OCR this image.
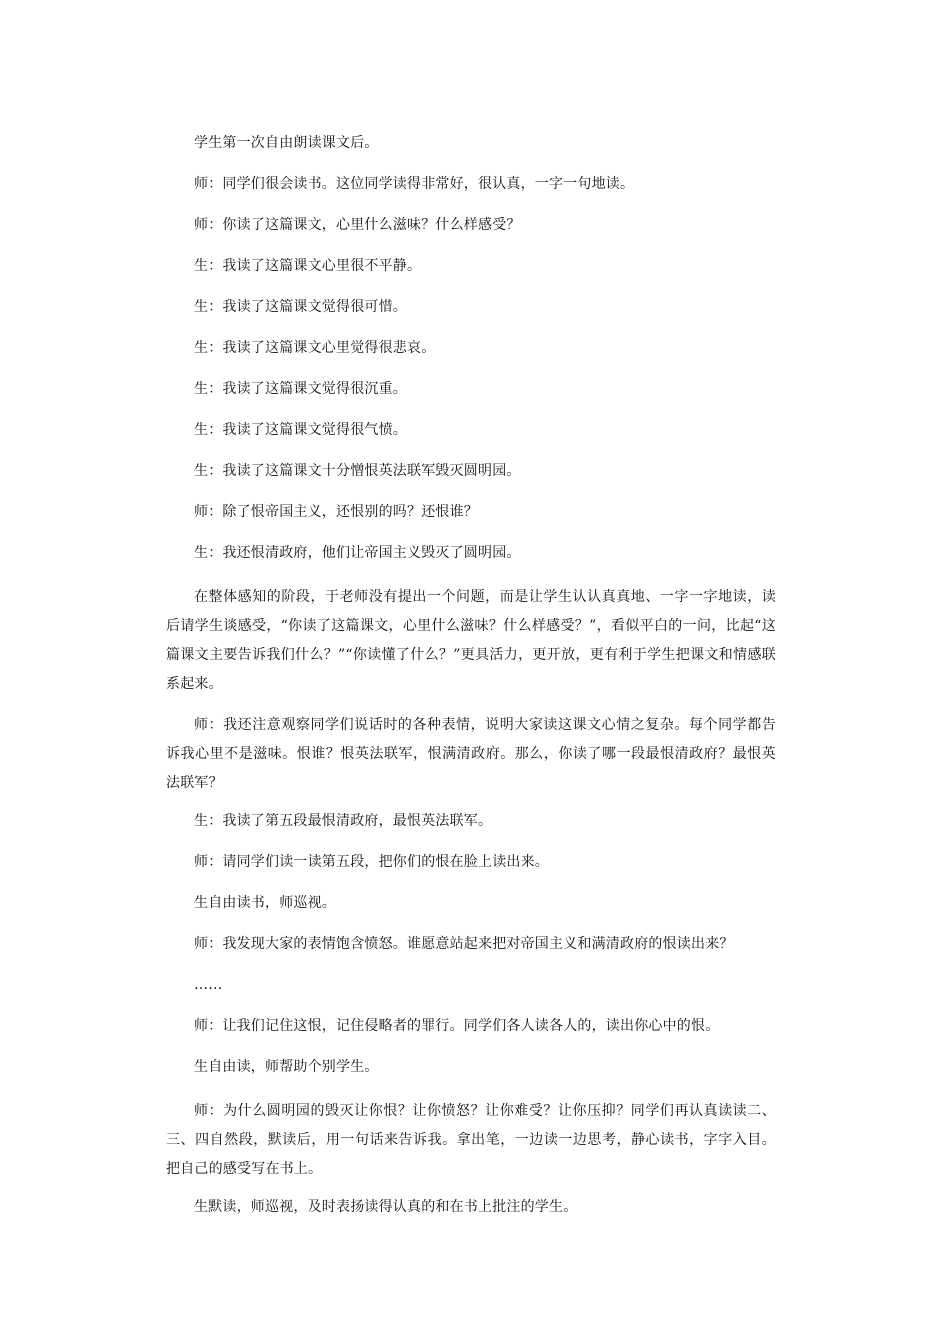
学生第一次自由朗读课文后。

师：同学们很会读书。这位同学读得非常好，很认真，一字一句地读。

师：你读了这篇课文，心里什么滋味？什么样感受？

生：我读了这篇课文心里很不平静。

生：我读了这篇课文觉得很可惜。

生：我读了这篇课文心里觉得很悲哀。

生：我读了这篇课文觉得很沉重。

生：我读了这篇课文觉得很气愤。

生：我读了这篇课文十分憎恨英法联军毁灭圆明园。

师：除了恨帝国主义，还恨别的吗？还恨谁？

生：我还恨清政府，他们让帝国主义毁灭了圆明园。

在整体感知的阶段，于老师没有提出一个问题，而是让学生认认真真地、一字一字地读，读后请学生谈感受，“你读了这篇课文，心里什么滋味？什么样感受？”，看似平白的一问，比起“这篇课文主要告诉我们什么？”“你读懂了什么？”更具活力，更开放，更有利于学生把课文和情感联系起来。

师：我还注意观察同学们说话时的各种表情，说明大家读这课文心情之复杂。每个同学都告诉我心里不是滋味。恨谁？恨英法联军，恨满清政府。那么，你读了哪一段最恨清政府？最恨英法联军？

生：我读了第五段最恨清政府，最恨英法联军。

师：请同学们读一读第五段，把你们的恨在脸上读出来。

生自由读书，师巡视。

师：我发现大家的表情饱含愤怒。谁愿意站起来把对帝国主义和满清政府的恨读出来？

……

师：让我们记住这恨，记住侵略者的罪行。同学们各人读各人的，读出你心中的恨。

生自由读，师帮助个别学生。

师：为什么圆明园的毁灭让你恨？让你愤怒？让你难受？让你压抑？同学们再认真读读二、三、四自然段，默读后，用一句话来告诉我。拿出笔，一边读一边思考，静心读书，字字入目。把自己的感受写在书上。

生默读，师巡视，及时表扬读得认真的和在书上批注的学生。
